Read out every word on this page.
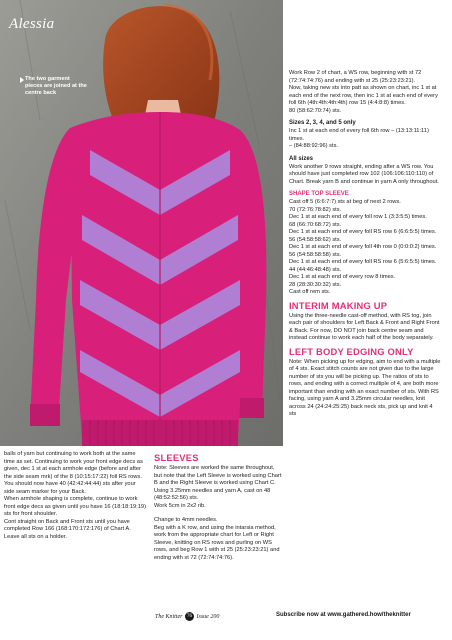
Alessia
The two garment pieces are joined at the centre back

balls of yarn but continuing to work both at the same time as set. Continuing to work your front edge decs as given, dec 1 st at each armhole edge (before and after the side seam mrk) of the 8 (10:15:17:22) foll RS rows.

You should now have 40 (42:42:44:44) sts after your side seam marker for your Back.

When armhole shaping is complete, continue to work front edge decs as given until you have 16 (18:18:19:19) sts for front shoulder.

Cont straight on Back and Front sts until you have completed Row 166 (168:170:172:176) of Chart A.

Leave all sts on a holder.

SLEEVES

Note: Sleeves are worked the same throughout, but note that the Left Sleeve is worked using Chart B and the Right Sleeve is worked using Chart C.

Using 3.25mm needles and yarn A, cast on 48 (48:52:52:56) sts.

Work 5cm in 2x2 rib.

Change to 4mm needles.

Beg with a K row, and using the intarsia method, work from the appropriate chart for Left or Right Sleeve, knitting on RS rows and purling on WS rows, and beg Row 1 with st 25 (25:23:23:21) and ending with st 72 (72:74:74:76).

Work Row 2 of chart, a WS row, beginning with st 72 (72:74:74:76) and ending with st 25 (25:23:23:21).

Now, taking new sts into patt as shown on chart, inc 1 st at each end of the next row, then inc 1 st at each end of every foll 6th (4th:4th:4th:4th) row 15 (4:4:8:8) times.

80 (58:62:70:74) sts.

Sizes 2, 3, 4, and 5 only

Inc 1 st at each end of every foll 6th row – (13:13:11:11) times.

– (84:88:92:96) sts.

All sizes

Work another 9 rows straight, ending after a WS row. You should have just completed row 102 (106:106:110:110) of Chart. Break yarn B and continue in yarn A only throughout.

SHAPE TOP SLEEVE

Cast off 5 (6:6:7:7) sts at beg of next 2 rows.

70 (72:76:78:82) sts.

Dec 1 st at each end of every foll row 1 (3:3:5:5) times.

68 (66:70:68:72) sts.

Dec 1 st at each end of every foll RS row 6 (6:6:5:5) times.

56 (54:58:58:62) sts.

Dec 1 st at each end of every foll 4th row 0 (0:0:0:2) times.

56 (54:58:58:58) sts.

Dec 1 st at each end of every foll RS row 6 (5:6:5:5) times.

44 (44:46:48:48) sts.

Dec 1 st at each end of every row 8 times.

28 (28:30:30:32) sts.

Cast off rem sts.

INTERIM MAKING UP

Using the three-needle cast-off method, with RS tog, join each pair of shoulders for Left Back & Front and Right Front & Back. For now, DO NOT join back centre seam and instead continue to work each half of the body separately.

LEFT BODY EDGING ONLY

Note: When picking up for edging, aim to end with a multiple of 4 sts. Exact stitch counts are not given due to the large number of sts you will be picking up. The ratios of sts to rows, and ending with a correct multiple of 4, are both more important than ending with an exact number of sts. With RS facing, using yarn A and 3.25mm circular needles, knit across 24 (24:24:25:25) back neck sts, pick up and knit 4 sts

The Knitter 76 Issue 200	Subscribe now at www.gathered.how/theknitter
